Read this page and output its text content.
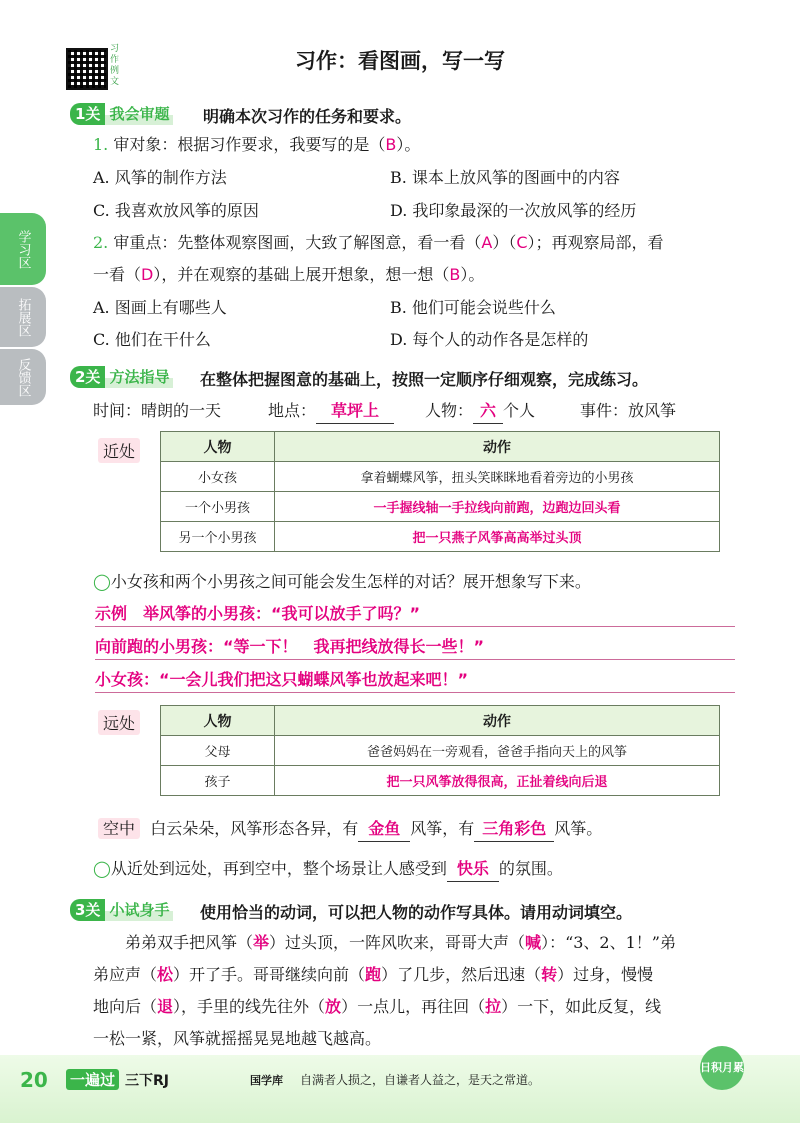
习作例文
习作：看图画，写一写
学习区
拓展区
反馈区
1关 我会审题 明确本次习作的任务和要求。
1. 审对象：根据习作要求，我要写的是（B）。
A. 风筝的制作方法	B. 课本上放风筝的图画中的内容
C. 我喜欢放风筝的原因	D. 我印象最深的一次放风筝的经历
2. 审重点：先整体观察图画，大致了解图意，看一看（A）（C）；再观察局部，看
一看（D），并在观察的基础上展开想象，想一想（B）。
A. 图画上有哪些人	B. 他们可能会说些什么
C. 他们在干什么	D. 每个人的动作各是怎样的
2关 方法指导 在整体把握图意的基础上，按照一定顺序仔细观察，完成练习。
时间：晴朗的一天	地点： 草坪上	人物： 六 个人	事件：放风筝
近处	人物	动作
小女孩	拿着蝴蝶风筝，扭头笑眯眯地看着旁边的小男孩
一个小男孩	一手握线轴一手拉线向前跑，边跑边回头看
另一个小男孩	把一只燕子风筝高高举过头顶
◯小女孩和两个小男孩之间可能会发生怎样的对话？展开想象写下来。
示例　举风筝的小男孩：“我可以放手了吗？”
向前跑的小男孩：“等一下！　我再把线放得长一些！”
小女孩：“一会儿我们把这只蝴蝶风筝也放起来吧！”
远处	人物	动作
父母	爸爸妈妈在一旁观看，爸爸手指向天上的风筝
孩子	把一只风筝放得很高，正扯着线向后退
空中 白云朵朵，风筝形态各异，有 金鱼 风筝，有 三角彩色 风筝。
◯从近处到远处，再到空中，整个场景让人感受到 快乐 的氛围。
3关 小试身手 使用恰当的动词，可以把人物的动作写具体。请用动词填空。
弟弟双手把风筝（举）过头顶，一阵风吹来，哥哥大声（喊）：“3、2、1！”弟
弟应声（松）开了手。哥哥继续向前（跑）了几步，然后迅速（转）过身，慢慢
地向后（退），手里的线先往外（放）一点儿，再往回（拉）一下，如此反复，线
一松一紧，风筝就摇摇晃晃地越飞越高。
20 一遍过 三下RJ	国学库 自满者人损之，自谦者人益之，是天之常道。
日积月累
